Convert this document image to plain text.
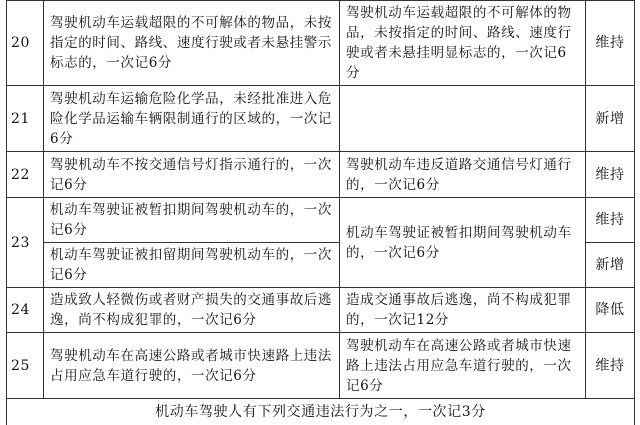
20	驾驶机动车运载超限的不可解体的物品，未按指定的时间、路线、速度行驶或者未悬挂警示标志的，一次记6分	驾驶机动车运载超限的不可解体的物品，未按指定的时间、路线、速度行驶或者未悬挂明显标志的，一次记6分	维持
21	驾驶机动车运输危险化学品，未经批准进入危险化学品运输车辆限制通行的区域的，一次记6分		新增
22	驾驶机动车不按交通信号灯指示通行的，一次记6分	驾驶机动车违反道路交通信号灯通行的，一次记6分	维持
23	机动车驾驶证被暂扣期间驾驶机动车的，一次记6分	机动车驾驶证被暂扣期间驾驶机动车的，一次记6分	维持
	机动车驾驶证被扣留期间驾驶机动车的，一次记6分		新增
24	造成致人轻微伤或者财产损失的交通事故后逃逸，尚不构成犯罪的，一次记6分	造成交通事故后逃逸，尚不构成犯罪的，一次记12分	降低
25	驾驶机动车在高速公路或者城市快速路上违法占用应急车道行驶的，一次记6分	驾驶机动车在高速公路或者城市快速路上违法占用应急车道行驶的，一次记6分	维持
机动车驾驶人有下列交通违法行为之一，一次记3分			
